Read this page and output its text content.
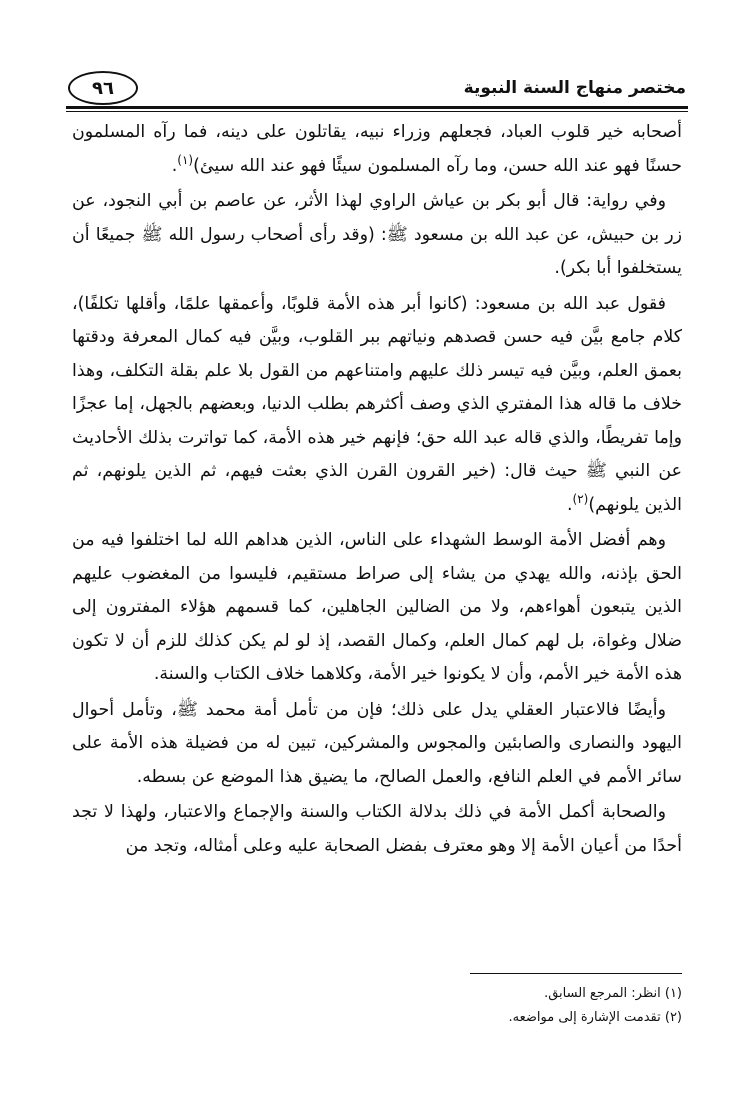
مختصر منهاج السنة النبوية
٩٦

أصحابه خير قلوب العباد، فجعلهم وزراء نبيه، يقاتلون على دينه، فما رآه المسلمون حسنًا فهو عند الله حسن، وما رآه المسلمون سيئًا فهو عند الله سيئ)$^{(١)}$.

وفي رواية: قال أبو بكر بن عياش الراوي لهذا الأثر، عن عاصم بن أبي النجود، عن زر بن حبيش، عن عبد الله بن مسعود ﷺ: (وقد رأى أصحاب رسول الله ﷺ جميعًا أن يستخلفوا أبا بكر).

فقول عبد الله بن مسعود: (كانوا أبر هذه الأمة قلوبًا، وأعمقها علمًا، وأقلها تكلفًا)، كلام جامع بيَّن فيه حسن قصدهم ونياتهم ببر القلوب، وبيَّن فيه كمال المعرفة ودقتها بعمق العلم، وبيَّن فيه تيسر ذلك عليهم وامتناعهم من القول بلا علم بقلة التكلف، وهذا خلاف ما قاله هذا المفتري الذي وصف أكثرهم بطلب الدنيا، وبعضهم بالجهل، إما عجزًا وإما تفريطًا، والذي قاله عبد الله حق؛ فإنهم خير هذه الأمة، كما تواترت بذلك الأحاديث عن النبي ﷺ حيث قال: (خير القرون القرن الذي بعثت فيهم، ثم الذين يلونهم، ثم الذين يلونهم)$^{(٢)}$.

وهم أفضل الأمة الوسط الشهداء على الناس، الذين هداهم الله لما اختلفوا فيه من الحق بإذنه، والله يهدي من يشاء إلى صراط مستقيم، فليسوا من المغضوب عليهم الذين يتبعون أهواءهم، ولا من الضالين الجاهلين، كما قسمهم هؤلاء المفترون إلى ضلال وغواة، بل لهم كمال العلم، وكمال القصد، إذ لو لم يكن كذلك للزم أن لا تكون هذه الأمة خير الأمم، وأن لا يكونوا خير الأمة، وكلاهما خلاف الكتاب والسنة.

وأيضًا فالاعتبار العقلي يدل على ذلك؛ فإن من تأمل أمة محمد ﷺ، وتأمل أحوال اليهود والنصارى والصابئين والمجوس والمشركين، تبين له من فضيلة هذه الأمة على سائر الأمم في العلم النافع، والعمل الصالح، ما يضيق هذا الموضع عن بسطه.

والصحابة أكمل الأمة في ذلك بدلالة الكتاب والسنة والإجماع والاعتبار، ولهذا لا تجد أحدًا من أعيان الأمة إلا وهو معترف بفضل الصحابة عليه وعلى أمثاله، وتجد من

(١) انظر: المرجع السابق.
(٢) تقدمت الإشارة إلى مواضعه.
